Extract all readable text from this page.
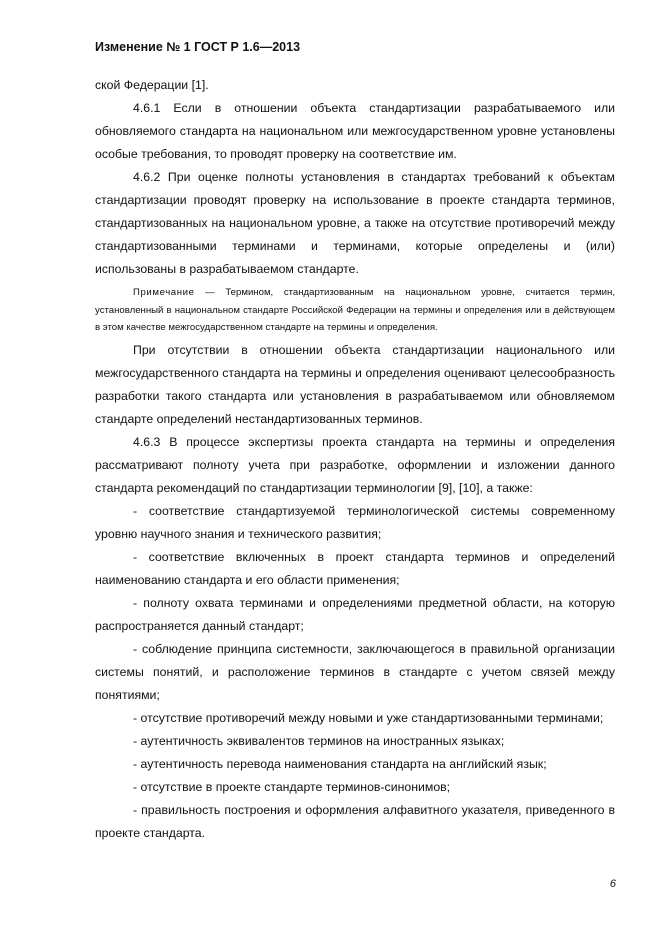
Изменение № 1 ГОСТ Р 1.6—2013

ской Федерации [1].

4.6.1 Если в отношении объекта стандартизации разрабатываемого или обновляемого стандарта на национальном или межгосударственном уровне установлены особые требования, то проводят проверку на соответствие им.

4.6.2 При оценке полноты установления в стандартах требований к объектам стандартизации проводят проверку на использование в проекте стандарта терминов, стандартизованных на национальном уровне, а также на отсутствие противоречий между стандартизованными терминами и терминами, которые определены и (или) использованы в разрабатываемом стандарте.

Примечание — Термином, стандартизованным на национальном уровне, считается термин, установленный в национальном стандарте Российской Федерации на термины и определения или в действующем в этом качестве межгосударственном стандарте на термины и определения.

При отсутствии в отношении объекта стандартизации национального или межгосударственного стандарта на термины и определения оценивают целесообразность разработки такого стандарта или установления в разрабатываемом или обновляемом стандарте определений нестандартизованных терминов.

4.6.3 В процессе экспертизы проекта стандарта на термины и определения рассматривают полноту учета при разработке, оформлении и изложении данного стандарта рекомендаций по стандартизации терминологии [9], [10], а также:

- соответствие стандартизуемой терминологической системы современному уровню научного знания и технического развития;

- соответствие включенных в проект стандарта терминов и определений наименованию стандарта и его области применения;

- полноту охвата терминами и определениями предметной области, на которую распространяется данный стандарт;

- соблюдение принципа системности, заключающегося в правильной организации системы понятий, и расположение терминов в стандарте с учетом связей между понятиями;

- отсутствие противоречий между новыми и уже стандартизованными терминами;

- аутентичность эквивалентов терминов на иностранных языках;

- аутентичность перевода наименования стандарта на английский язык;

- отсутствие в проекте стандарте терминов-синонимов;

- правильность построения и оформления алфавитного указателя, приведенного в проекте стандарта.

6
